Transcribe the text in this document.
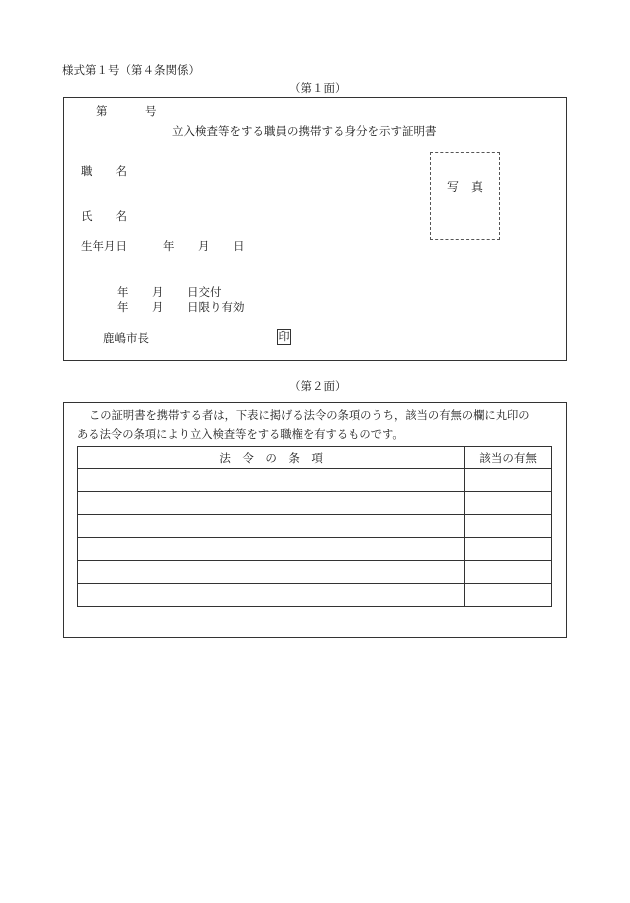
様式第１号（第４条関係）
（第１面）
第	号
立入検査等をする職員の携帯する身分を示す証明書
写　真
職　　名
氏　　名
生年月日	年 月 日
年 月 日交付
年 月 日限り有効
鹿嶋市長	印
（第２面）
この証明書を携帯する者は，下表に掲げる法令の条項のうち，該当の有無の欄に丸印の
ある法令の条項により立入検査等をする職権を有するものです。
法　令　の　条　項	該当の有無
